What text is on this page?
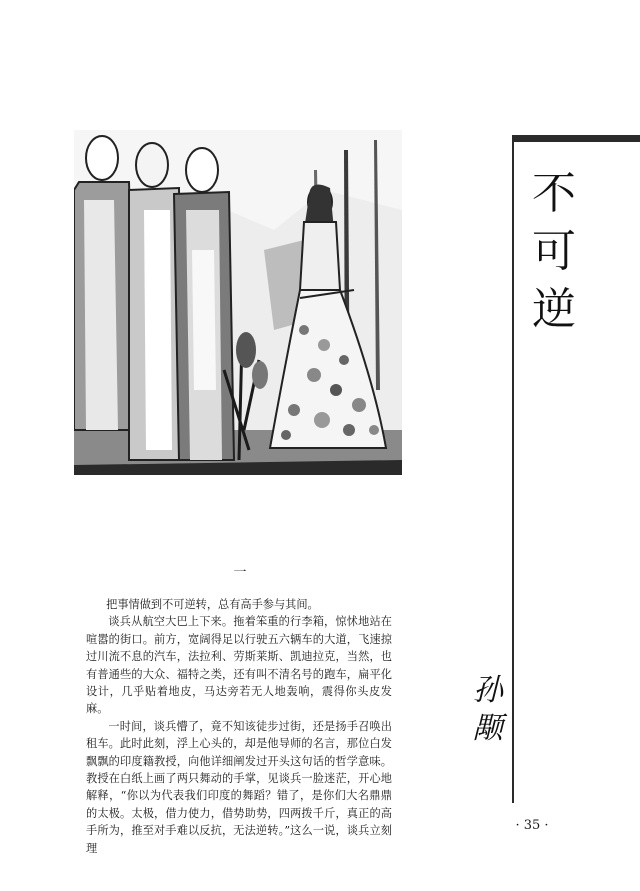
不
可
逆
孙
颙
一

把事情做到不可逆转，总有高手参与其间。

谈兵从航空大巴上下来。拖着笨重的行李箱，惊怵地站在喧嚣的街口。前方，宽阔得足以行驶五六辆车的大道，飞速掠过川流不息的汽车，法拉利、劳斯莱斯、凯迪拉克，当然，也有普通些的大众、福特之类，还有叫不清名号的跑车，扁平化设计，几乎贴着地皮，马达旁若无人地轰响，震得你头皮发麻。

一时间，谈兵懵了，竟不知该徒步过街，还是扬手召唤出租车。此时此刻，浮上心头的，却是他导师的名言，那位白发飘飘的印度籍教授，向他详细阐发过开头这句话的哲学意味。教授在白纸上画了两只舞动的手掌，见谈兵一脸迷茫，开心地解释，“你以为代表我们印度的舞蹈？错了，是你们大名鼎鼎的太极。太极，借力使力，借势助势，四两拨千斤，真正的高手所为，推至对手难以反抗，无法逆转。”这么一说，谈兵立刻理

· 35 ·
